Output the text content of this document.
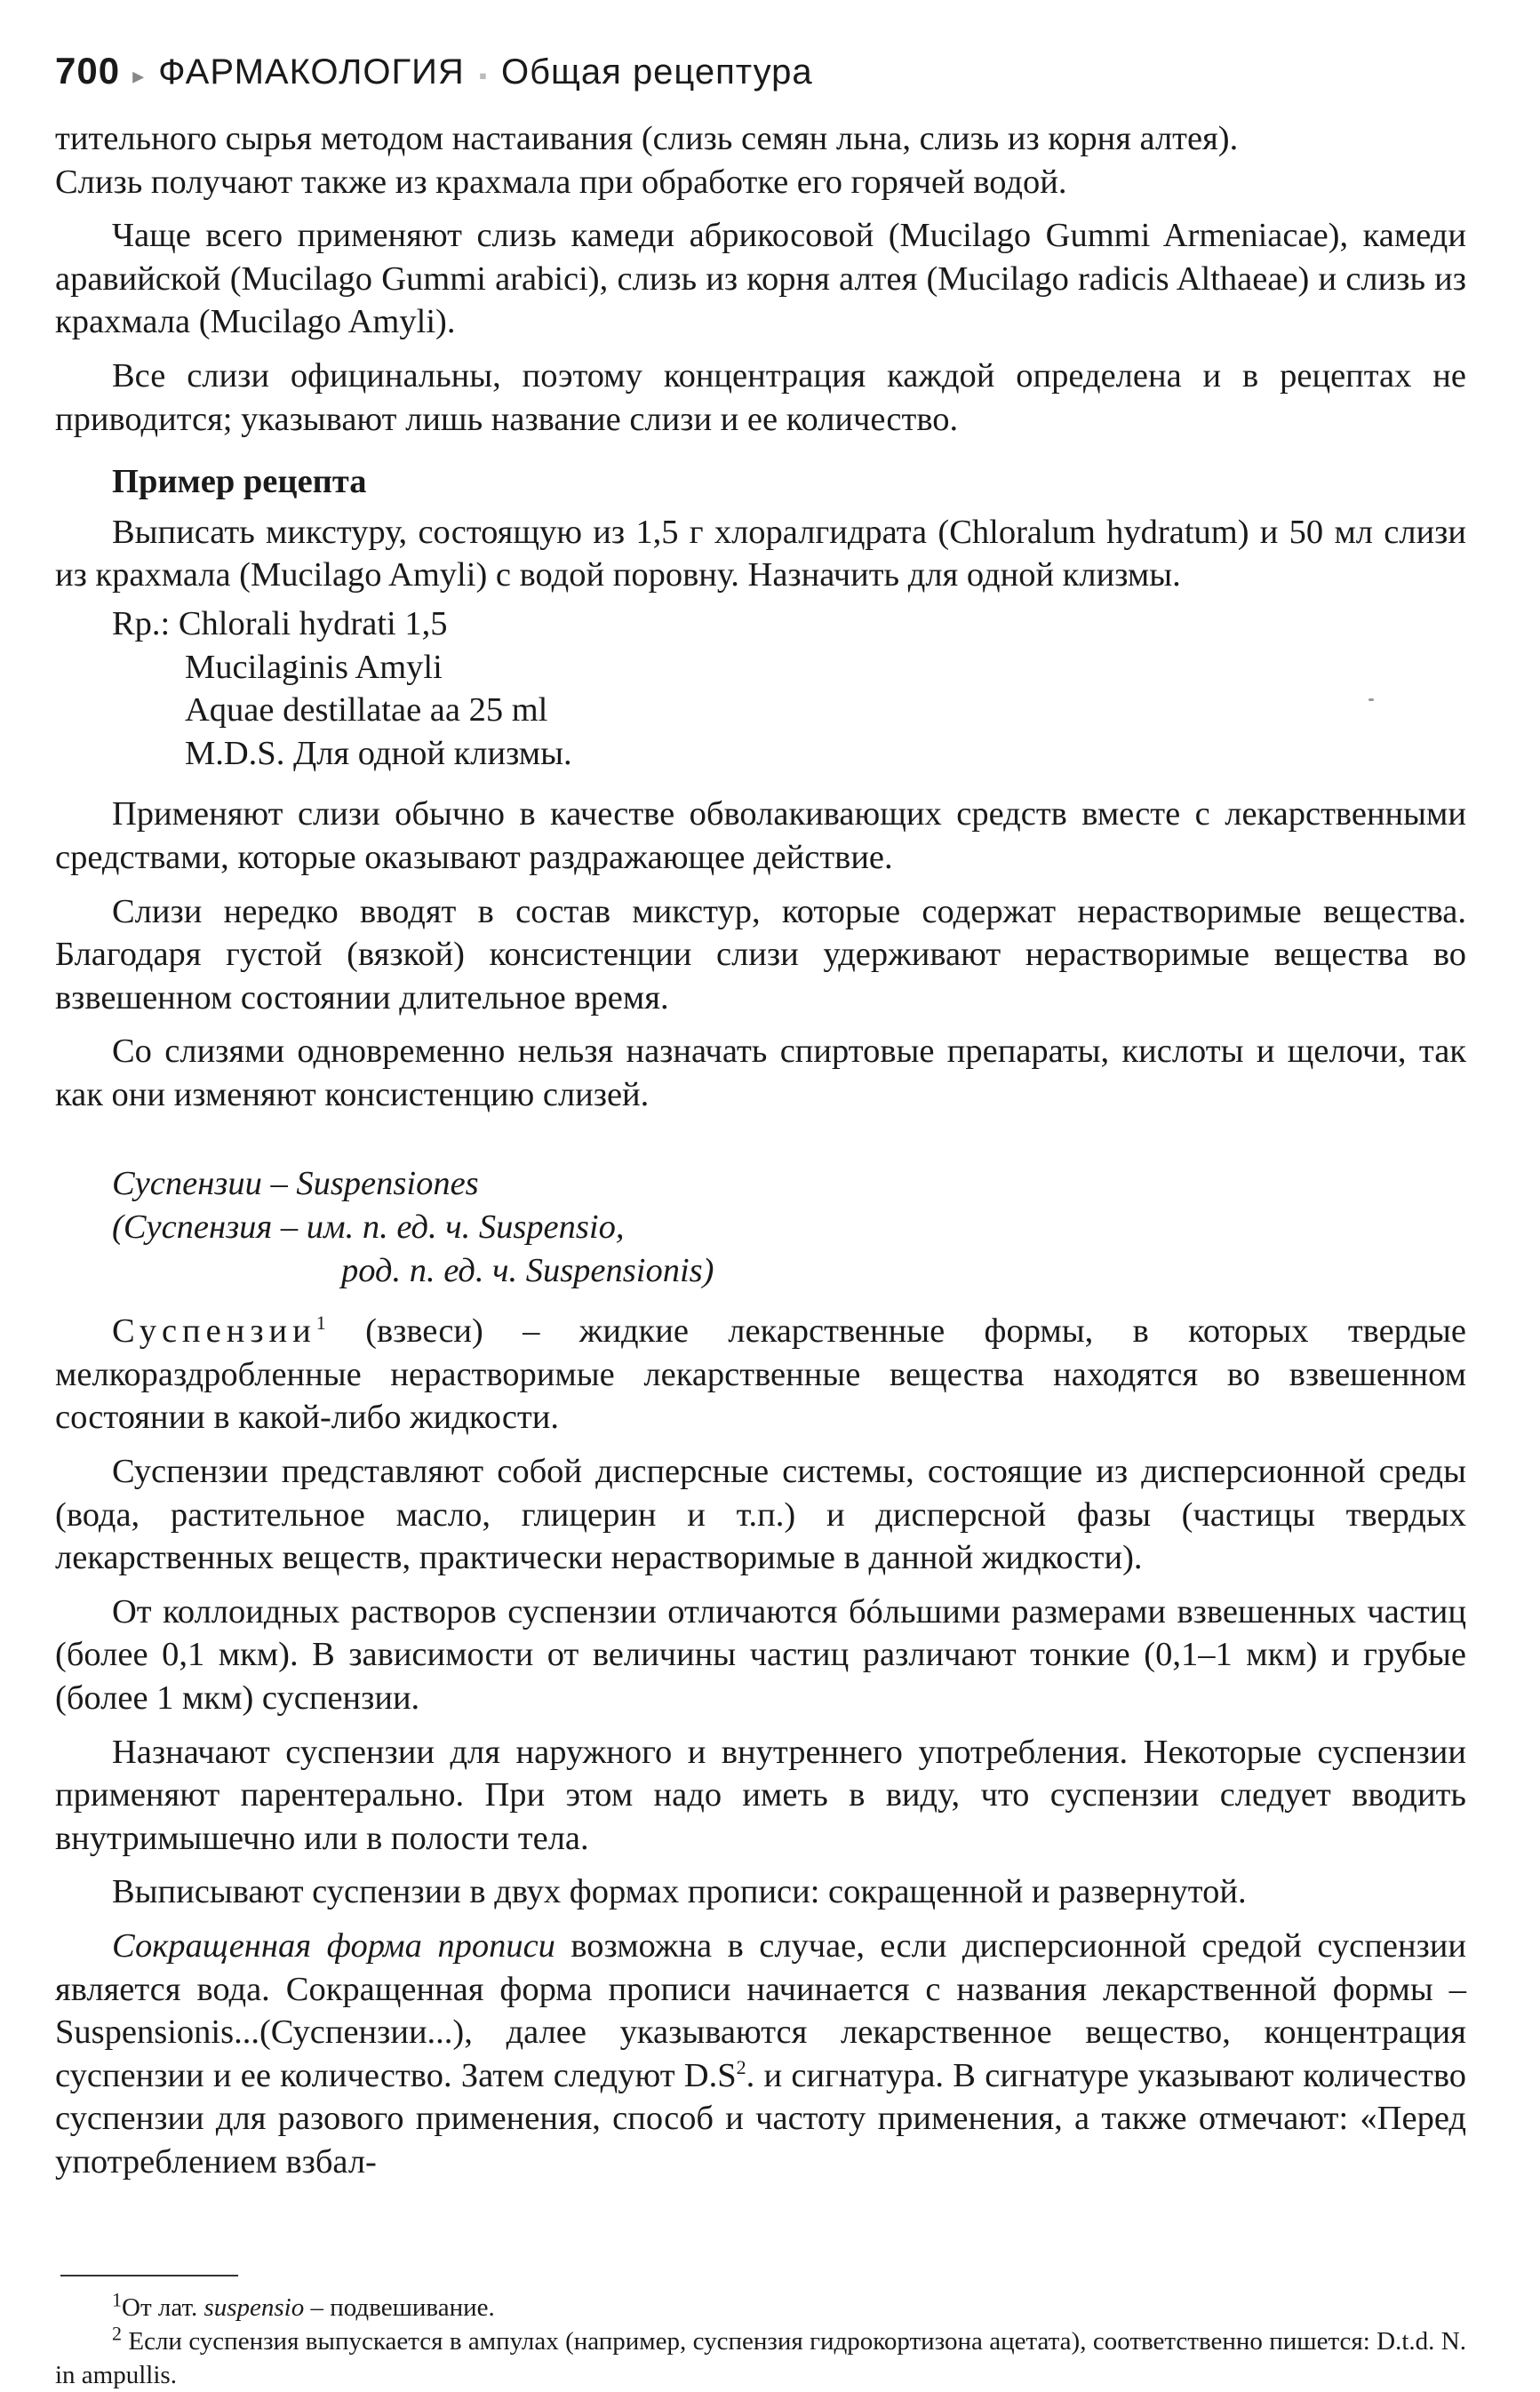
700 ▸ ФАРМАКОЛОГИЯ ▪ Общая рецептура

тительного сырья методом настаивания (слизь семян льна, слизь из корня алтея).

Слизь получают также из крахмала при обработке его горячей водой.

Чаще всего применяют слизь камеди абрикосовой (Mucilago Gummi Armeniacae), камеди аравийской (Mucilago Gummi arabici), слизь из корня алтея (Mucilago radicis Althaeae) и слизь из крахмала (Mucilago Amyli).

Все слизи официнальны, поэтому концентрация каждой определена и в рецептах не приводится; указывают лишь название слизи и ее количество.

Пример рецепта

Выписать микстуру, состоящую из 1,5 г хлоралгидрата (Chloralum hydratum) и 50 мл слизи из крахмала (Mucilago Amyli) с водой поровну. Назначить для одной клизмы.

Rp.: Chlorali hydrati 1,5
Mucilaginis Amyli
Aquae destillatae aa 25 ml
M.D.S. Для одной клизмы.

Применяют слизи обычно в качестве обволакивающих средств вместе с лекарственными средствами, которые оказывают раздражающее действие.

Слизи нередко вводят в состав микстур, которые содержат нерастворимые вещества. Благодаря густой (вязкой) консистенции слизи удерживают нерастворимые вещества во взвешенном состоянии длительное время.

Со слизями одновременно нельзя назначать спиртовые препараты, кислоты и щелочи, так как они изменяют консистенцию слизей.

Суспензии – Suspensiones
(Суспензия – им. п. ед. ч. Suspensio,
род. п. ед. ч. Suspensionis)

Суспензии$^1$ (взвеси) – жидкие лекарственные формы, в которых твердые мелкораздробленные нерастворимые лекарственные вещества находятся во взвешенном состоянии в какой-либо жидкости.

Суспензии представляют собой дисперсные системы, состоящие из дисперсионной среды (вода, растительное масло, глицерин и т.п.) и дисперсной фазы (частицы твердых лекарственных веществ, практически нерастворимые в данной жидкости).

От коллоидных растворов суспензии отличаются бóльшими размерами взвешенных частиц (более 0,1 мкм). В зависимости от величины частиц различают тонкие (0,1–1 мкм) и грубые (более 1 мкм) суспензии.

Назначают суспензии для наружного и внутреннего употребления. Некоторые суспензии применяют парентерально. При этом надо иметь в виду, что суспензии следует вводить внутримышечно или в полости тела.

Выписывают суспензии в двух формах прописи: сокращенной и развернутой.

Сокращенная форма прописи возможна в случае, если дисперсионной средой суспензии является вода. Сокращенная форма прописи начинается с названия лекарственной формы – Suspensionis...(Суспензии...), далее указываются лекарственное вещество, концентрация суспензии и ее количество. Затем следуют $D.S^2$. и сигнатура. В сигнатуре указывают количество суспензии для разового применения, способ и частоту применения, а также отмечают: «Перед употреблением взбал-

$^1$От лат. suspensio – подвешивание.

$^2$ Если суспензия выпускается в ампулах (например, суспензия гидрокортизона ацетата), соответственно пишется: D.t.d. N. in ampullis.
